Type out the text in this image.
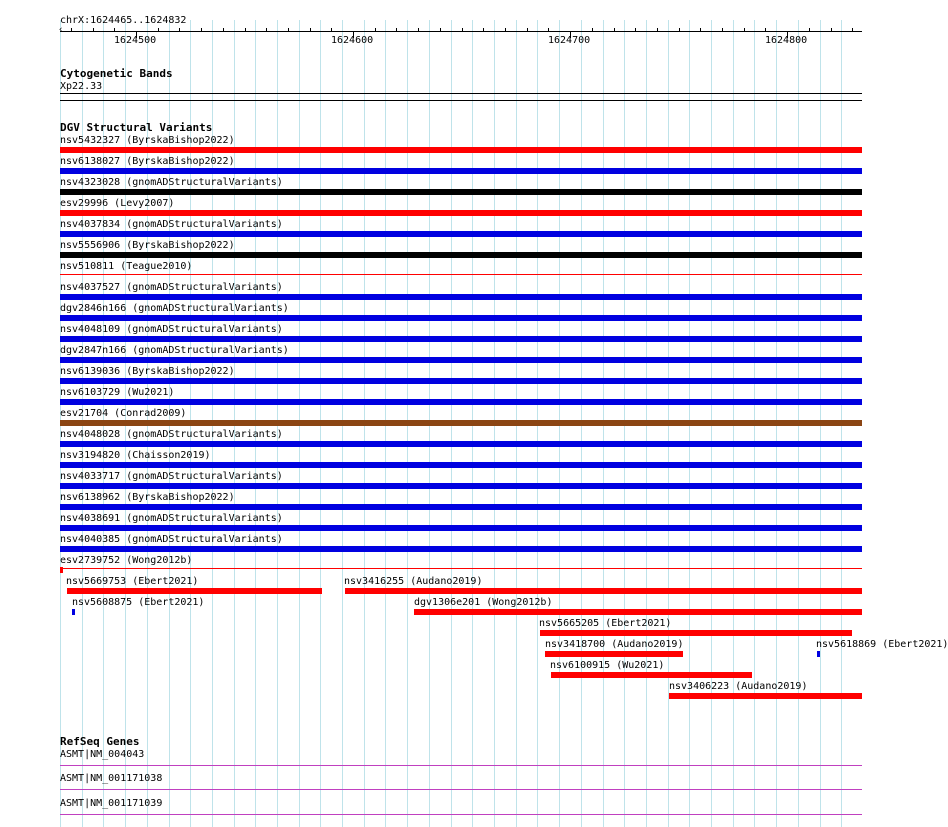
chrX:1624465..1624832
‹
1624500	1624600	1624700	1624800
Cytogenetic Bands
Xp22.33
DGV Structural Variants
nsv5432327 (ByrskaBishop2022)
nsv6138027 (ByrskaBishop2022)
nsv4323028 (gnomADStructuralVariants)
esv29996 (Levy2007)
nsv4037834 (gnomADStructuralVariants)
nsv5556906 (ByrskaBishop2022)
nsv510811 (Teague2010)
nsv4037527 (gnomADStructuralVariants)
dgv2846n166 (gnomADStructuralVariants)
nsv4048109 (gnomADStructuralVariants)
dgv2847n166 (gnomADStructuralVariants)
nsv6139036 (ByrskaBishop2022)
nsv6103729 (Wu2021)
esv21704 (Conrad2009)
nsv4048028 (gnomADStructuralVariants)
nsv3194820 (Chaisson2019)
nsv4033717 (gnomADStructuralVariants)
nsv6138962 (ByrskaBishop2022)
nsv4038691 (gnomADStructuralVariants)
nsv4040385 (gnomADStructuralVariants)
esv2739752 (Wong2012b)
nsv5669753 (Ebert2021)	nsv3416255 (Audano2019)
nsv5608875 (Ebert2021)	dgv1306e201 (Wong2012b)
nsv5665205 (Ebert2021)
nsv3418700 (Audano2019)	nsv5618869 (Ebert2021)
nsv6100915 (Wu2021)
nsv3406223 (Audano2019)
RefSeq Genes
ASMT|NM_004043
ASMT|NM_001171038
ASMT|NM_001171039
